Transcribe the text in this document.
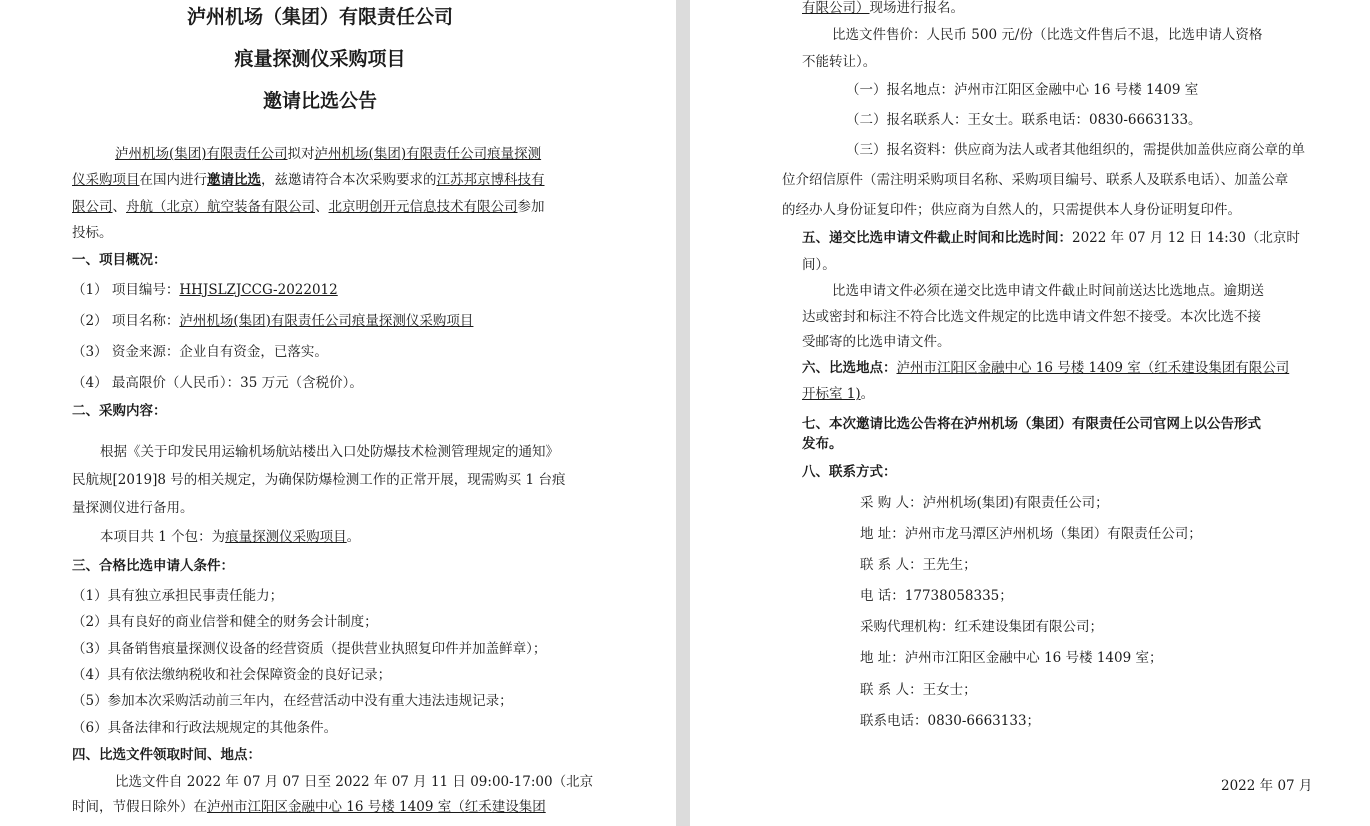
泸州机场（集团）有限责任公司
痕量探测仪采购项目
邀请比选公告
泸州机场(集团)有限责任公司拟对泸州机场(集团)有限责任公司痕量探测
仪采购项目在国内进行邀请比选，兹邀请符合本次采购要求的江苏邦京博科技有
限公司、舟航（北京）航空装备有限公司、北京明创开元信息技术有限公司参加
投标。
一、项目概况：
（1） 项目编号：HHJSLZJCCG-2022012
（2） 项目名称：泸州机场(集团)有限责任公司痕量探测仪采购项目
（3） 资金来源：企业自有资金，已落实。
（4） 最高限价（人民币）：35 万元（含税价）。
二、采购内容：
根据《关于印发民用运输机场航站楼出入口处防爆技术检测管理规定的通知》
民航规[2019]8 号的相关规定，为确保防爆检测工作的正常开展，现需购买 1 台痕
量探测仪进行备用。
本项目共 1 个包：为痕量探测仪采购项目。
三、合格比选申请人条件：
（1）具有独立承担民事责任能力；
（2）具有良好的商业信誉和健全的财务会计制度；
（3）具备销售痕量探测仪设备的经营资质（提供营业执照复印件并加盖鲜章）；
（4）具有依法缴纳税收和社会保障资金的良好记录；
（5）参加本次采购活动前三年内，在经营活动中没有重大违法违规记录；
（6）具备法律和行政法规规定的其他条件。
四、比选文件领取时间、地点：
比选文件自 2022 年 07 月 07 日至 2022 年 07 月 11 日 09:00-17:00（北京
时间，节假日除外）在泸州市江阳区金融中心 16 号楼 1409 室（红禾建设集团
有限公司）现场进行报名。
比选文件售价：人民币 500 元/份（比选文件售后不退，比选申请人资格
不能转让）。
（一）报名地点：泸州市江阳区金融中心 16 号楼 1409 室
（二）报名联系人：王女士。联系电话：0830-6663133。
（三）报名资料：供应商为法人或者其他组织的，需提供加盖供应商公章的单
位介绍信原件（需注明采购项目名称、采购项目编号、联系人及联系电话）、加盖公章
的经办人身份证复印件；供应商为自然人的，只需提供本人身份证明复印件。
五、递交比选申请文件截止时间和比选时间：2022 年 07 月 12 日 14:30（北京时
间）。
比选申请文件必须在递交比选申请文件截止时间前送达比选地点。逾期送
达或密封和标注不符合比选文件规定的比选申请文件恕不接受。本次比选不接
受邮寄的比选申请文件。
六、比选地点：泸州市江阳区金融中心 16 号楼 1409 室（红禾建设集团有限公司
开标室 1)。
七、本次邀请比选公告将在泸州机场（集团）有限责任公司官网上以公告形式
发布。
八、联系方式：
采 购 人：泸州机场(集团)有限责任公司；
地 址：泸州市龙马潭区泸州机场（集团）有限责任公司；
联 系 人：王先生；
电 话：17738058335；
采购代理机构：红禾建设集团有限公司；
地 址：泸州市江阳区金融中心 16 号楼 1409 室；
联 系 人：王女士；
联系电话：0830-6663133；
2022 年 07 月
